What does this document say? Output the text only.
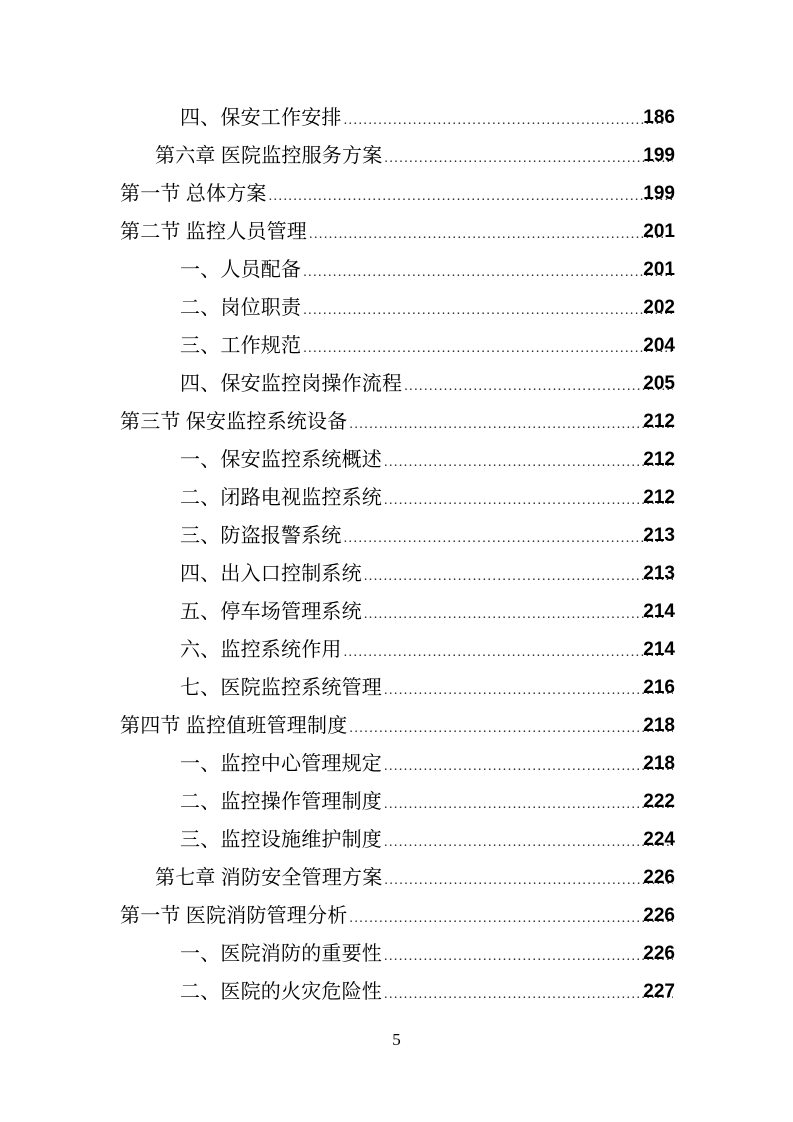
四、保安工作安排 .....	186
第六章 医院监控服务方案 .....	199
第一节 总体方案 .....	199
第二节 监控人员管理 .....	201
一、人员配备 .....	201
二、岗位职责 .....	202
三、工作规范 .....	204
四、保安监控岗操作流程 .....	205
第三节 保安监控系统设备 .....	212
一、保安监控系统概述 .....	212
二、闭路电视监控系统 .....	212
三、防盗报警系统 .....	213
四、出入口控制系统 .....	213
五、停车场管理系统 .....	214
六、监控系统作用 .....	214
七、医院监控系统管理 .....	216
第四节 监控值班管理制度 .....	218
一、监控中心管理规定 .....	218
二、监控操作管理制度 .....	222
三、监控设施维护制度 .....	224
第七章 消防安全管理方案 .....	226
第一节 医院消防管理分析 .....	226
一、医院消防的重要性 .....	226
二、医院的火灾危险性 .....	227
5
